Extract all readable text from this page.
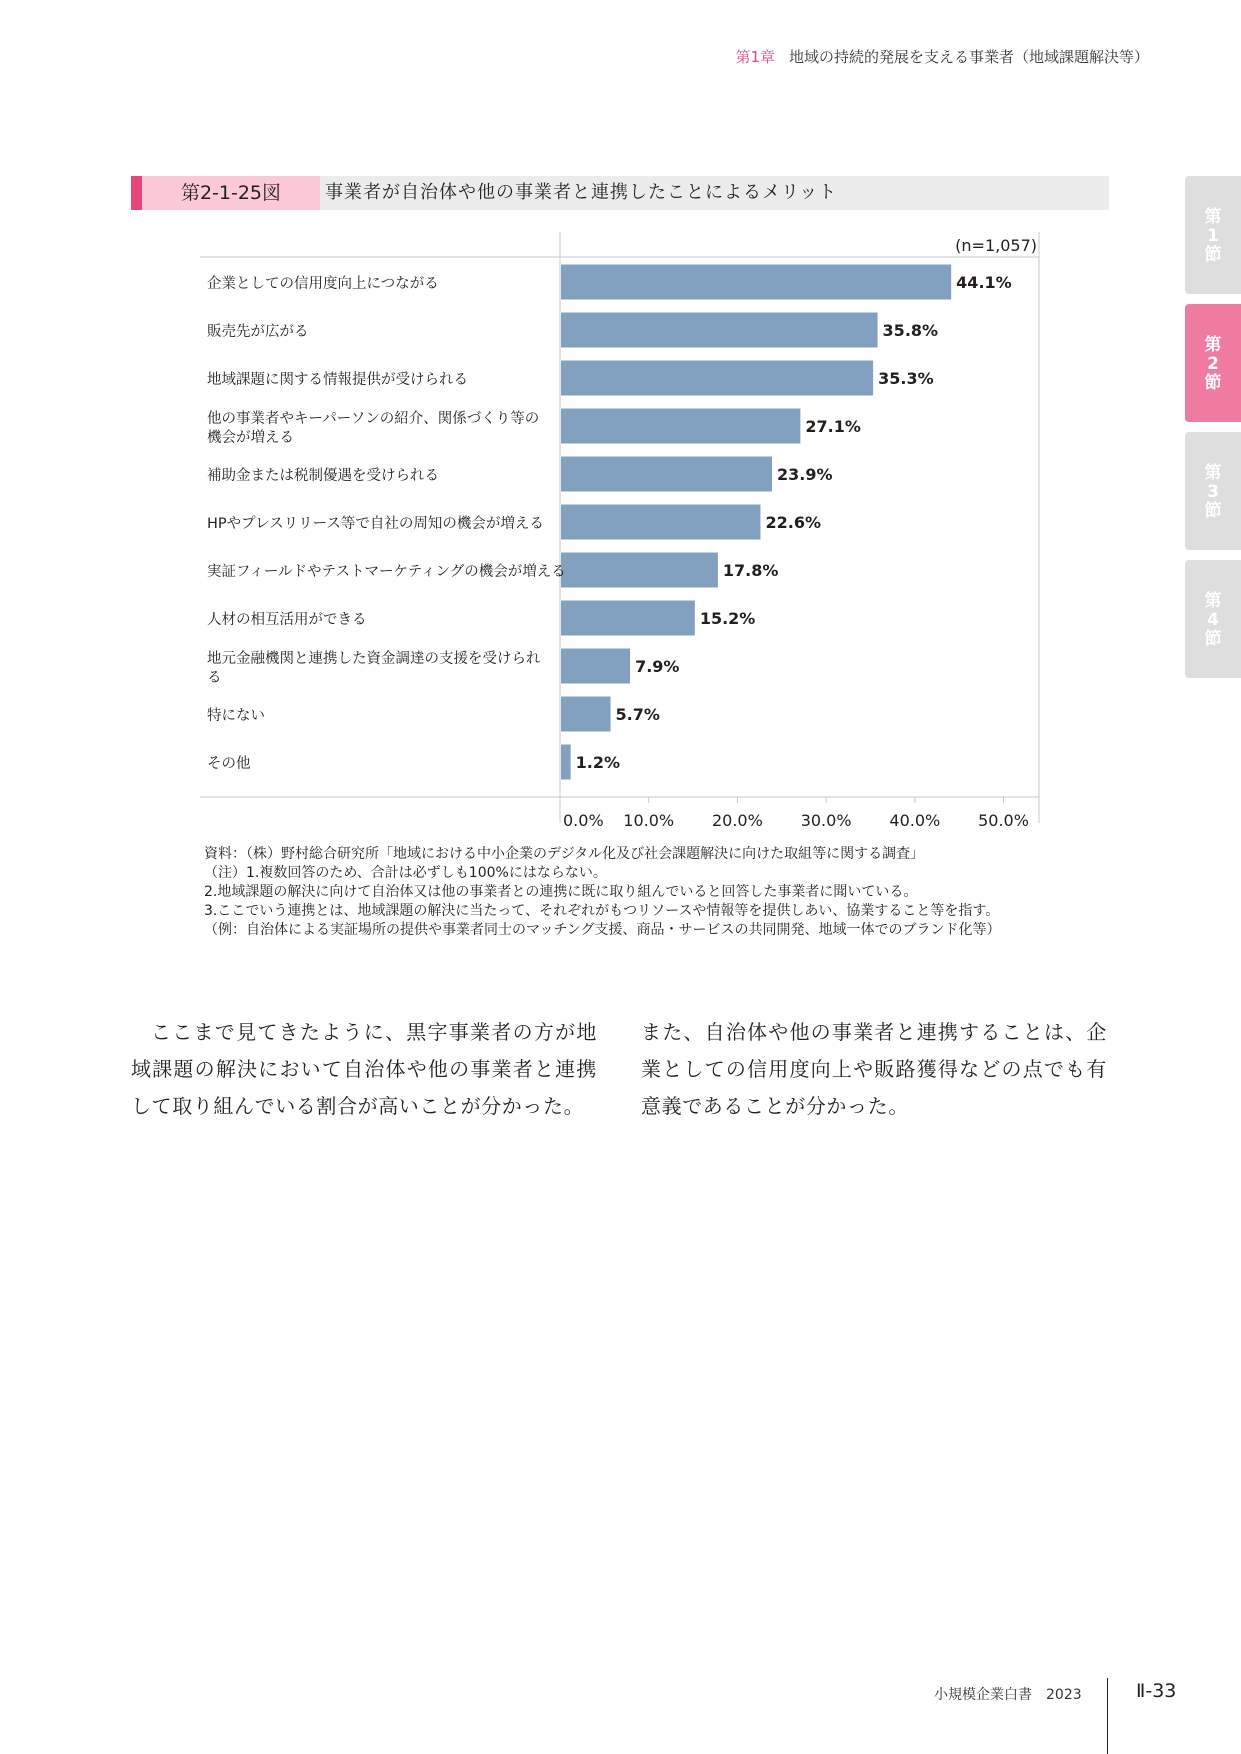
第1章 地域の持続的発展を支える事業者（地域課題解決等）
第1節
第2節
第3節
第4節
第2-1-25図	事業者が自治体や他の事業者と連携したことによるメリット
(n=1,057)
44.1%
企業としての信用度向上につながる
35.8%
販売先が広がる
35.3%
地域課題に関する情報提供が受けられる
27.1%
他の事業者やキーパーソンの紹介、関係づくり等の
機会が増える
23.9%
補助金または税制優遇を受けられる
22.6%
HPやプレスリリース等で自社の周知の機会が増える
17.8%
実証フィールドやテストマーケティングの機会が増える
15.2%
人材の相互活用ができる
7.9%
地元金融機関と連携した資金調達の支援を受けられ
る
5.7%
特にない
1.2%
その他
0.0% 10.0% 20.0% 30.0% 40.0% 50.0%
資料：（株）野村総合研究所「地域における中小企業のデジタル化及び社会課題解決に向けた取組等に関する調査」
（注）1.複数回答のため、合計は必ずしも100%にはならない。
2.地域課題の解決に向けて自治体又は他の事業者との連携に既に取り組んでいると回答した事業者に聞いている。
3.ここでいう連携とは、地域課題の解決に当たって、それぞれがもつリソースや情報等を提供しあい、協業すること等を指す。
（例：自治体による実証場所の提供や事業者同士のマッチング支援、商品・サービスの共同開発、地域一体でのブランド化等）
ここまで見てきたように、黒字事業者の方が地域課題の解決において自治体や他の事業者と連携して取り組んでいる割合が高いことが分かった。
また、自治体や他の事業者と連携することは、企業としての信用度向上や販路獲得などの点でも有意義であることが分かった。
小規模企業白書　2023	Ⅱ-33
